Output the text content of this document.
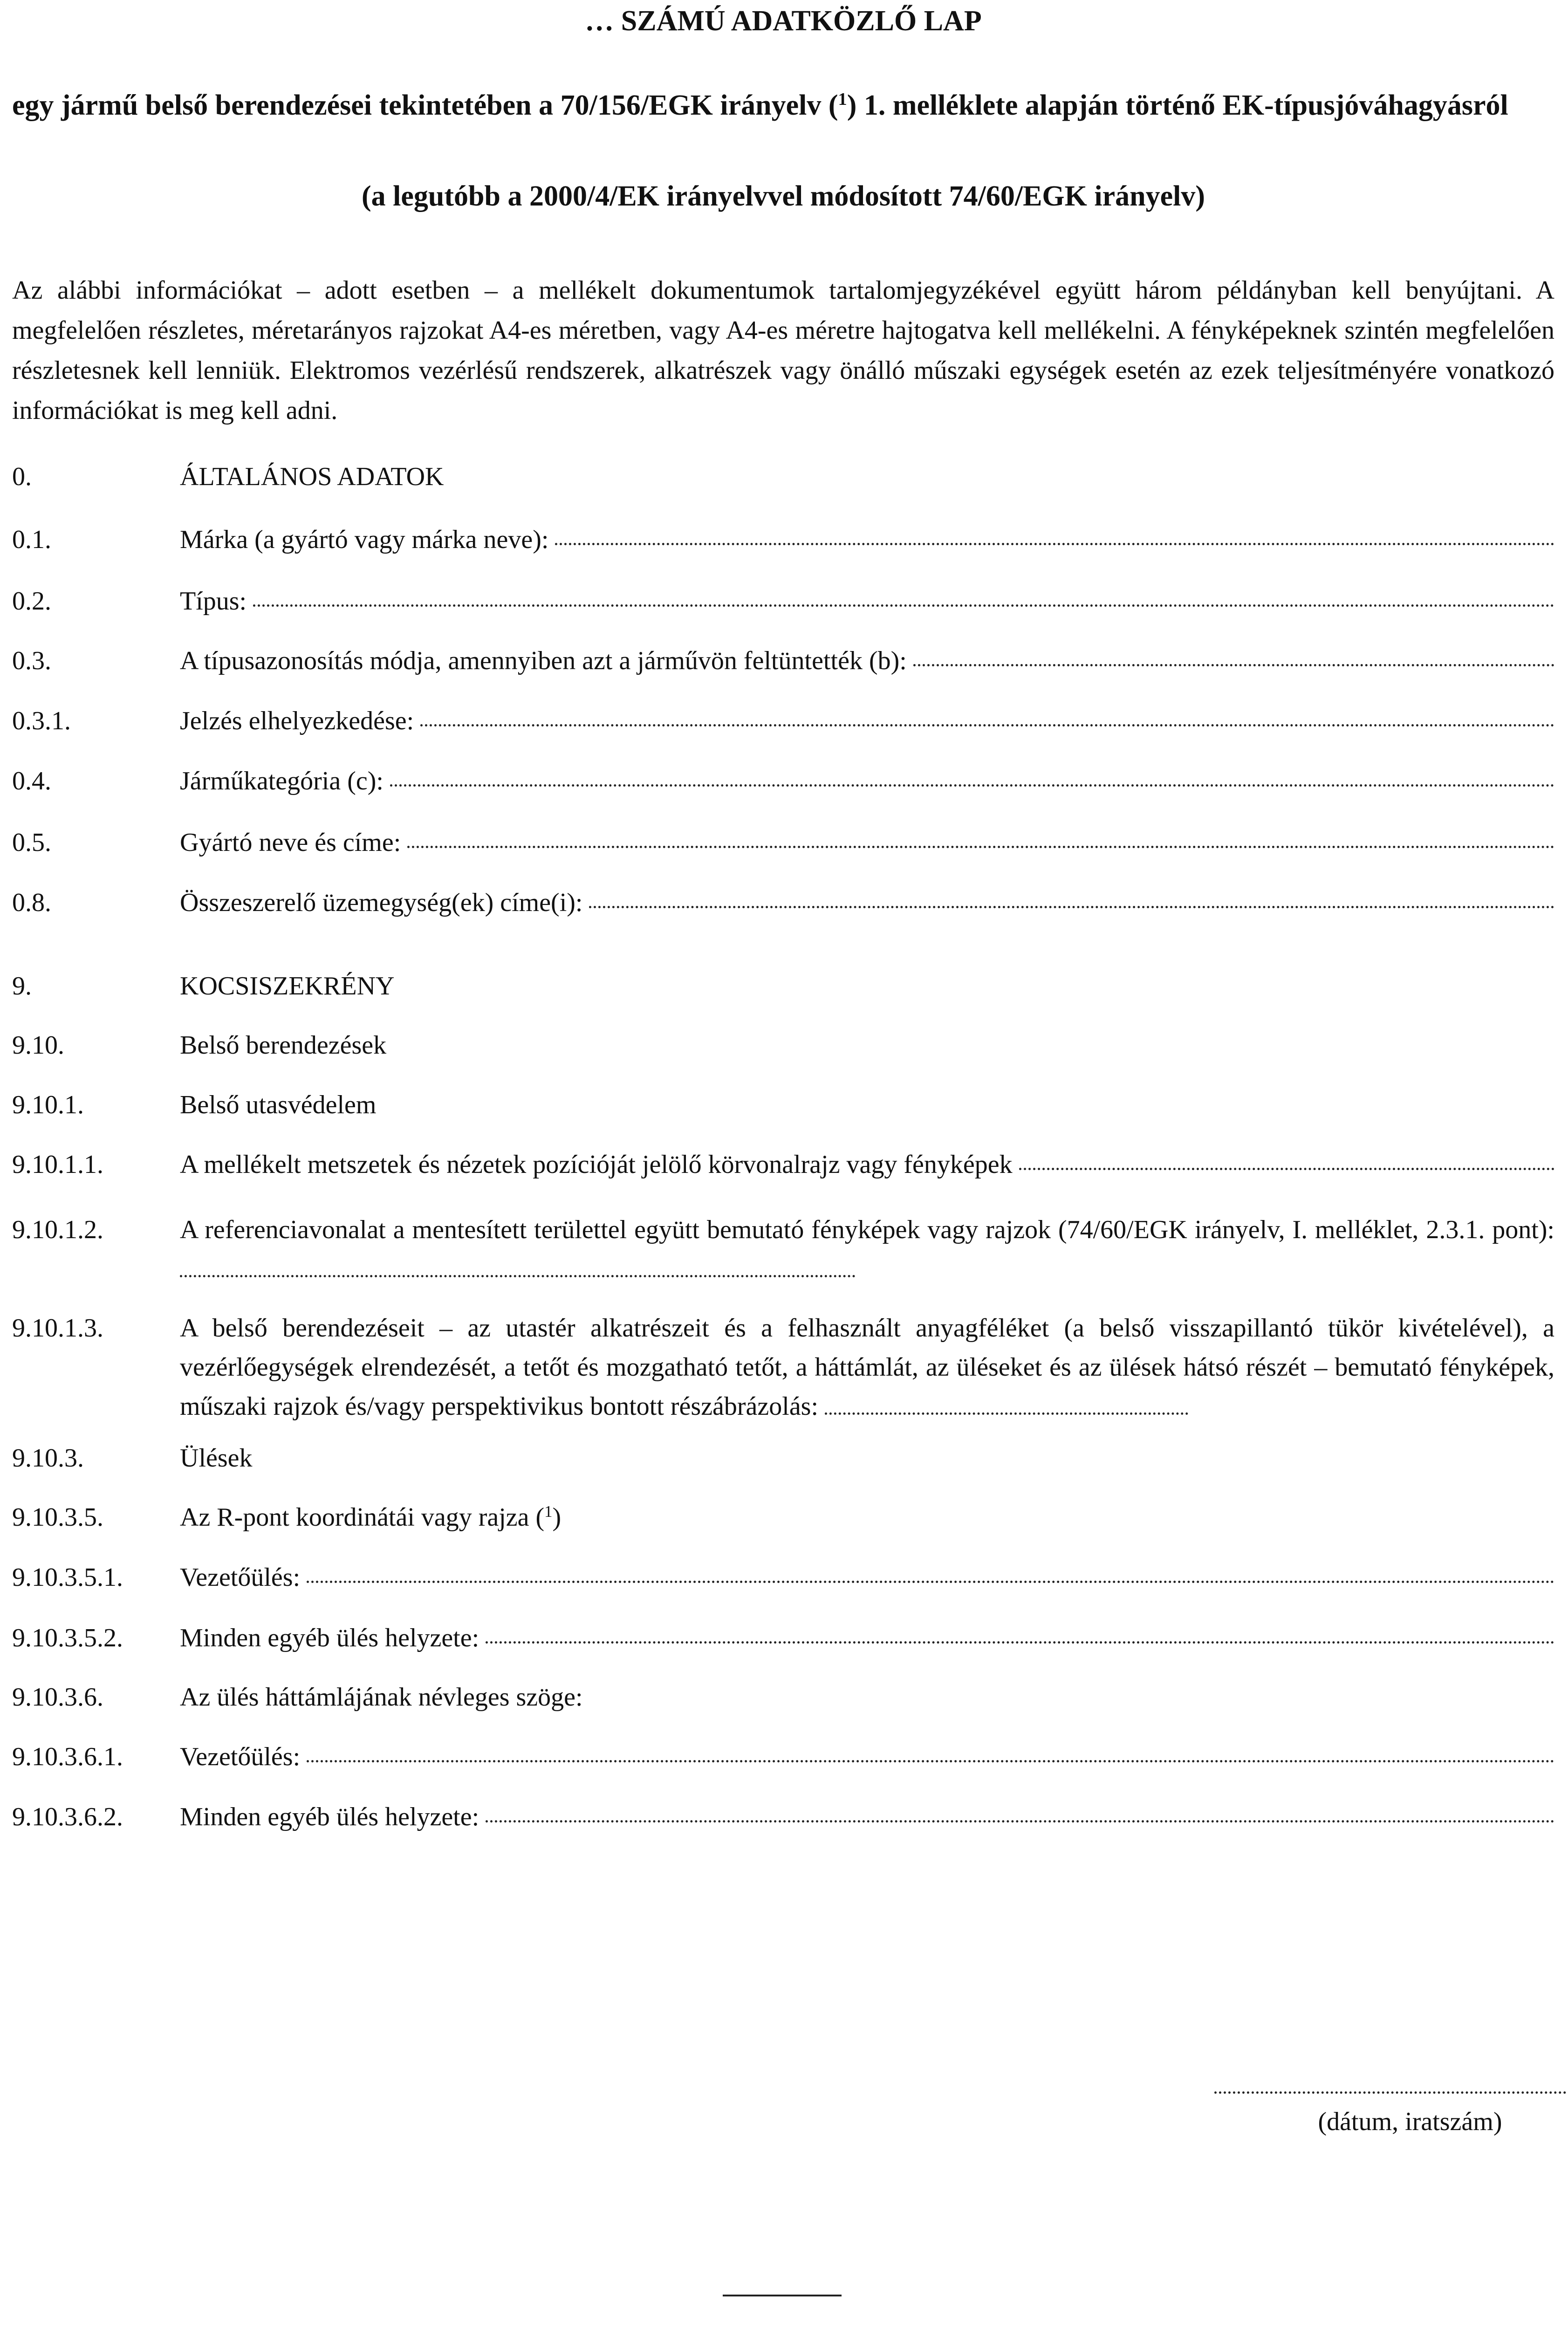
… SZÁMÚ ADATKÖZLŐ LAP
egy jármű belső berendezései tekintetében a 70/156/EGK irányelv ($^1$) 1. melléklete alapján történő EK-típusjóváhagyásról
(a legutóbb a 2000/4/EK irányelvvel módosított 74/60/EGK irányelv)
Az alábbi információkat – adott esetben – a mellékelt dokumentumok tartalomjegyzékével együtt három példányban kell benyújtani. A megfelelően részletes, méretarányos rajzokat A4-es méretben, vagy A4-es méretre hajtogatva kell mellékelni. A fényképeknek szintén megfelelően részletesnek kell lenniük. Elektromos vezérlésű rendszerek, alkatrészek vagy önálló műszaki egységek esetén az ezek teljesítményére vonatkozó információkat is meg kell adni.
0.	ÁLTALÁNOS ADATOK
0.1.	Márka (a gyártó vagy márka neve):
0.2.	Típus:
0.3.	A típusazonosítás módja, amennyiben azt a járművön feltüntették (b):
0.3.1.	Jelzés elhelyezkedése:
0.4.	Járműkategória (c):
0.5.	Gyártó neve és címe:
0.8.	Összeszerelő üzemegység(ek) címe(i):
9.	KOCSISZEKRÉNY
9.10.	Belső berendezések
9.10.1.	Belső utasvédelem
9.10.1.1.	A mellékelt metszetek és nézetek pozícióját jelölő körvonalrajz vagy fényképek
9.10.1.2.	A referenciavonalat a mentesített területtel együtt bemutató fényképek vagy rajzok (74/60/EGK irányelv, I. melléklet, 2.3.1. pont):
9.10.1.3.	A belső berendezéseit – az utastér alkatrészeit és a felhasznált anyagféléket (a belső visszapillantó tükör kivételével), a vezérlőegységek elrendezését, a tetőt és mozgatható tetőt, a háttámlát, az üléseket és az ülések hátsó részét – bemutató fényképek, műszaki rajzok és/vagy perspektivikus bontott részábrázolás:
9.10.3.	Ülések
9.10.3.5.	Az R-pont koordinátái vagy rajza ($^1$)
9.10.3.5.1.	Vezetőülés:
9.10.3.5.2.	Minden egyéb ülés helyzete:
9.10.3.6.	Az ülés háttámlájának névleges szöge:
9.10.3.6.1.	Vezetőülés:
9.10.3.6.2.	Minden egyéb ülés helyzete:
(dátum, iratszám)
